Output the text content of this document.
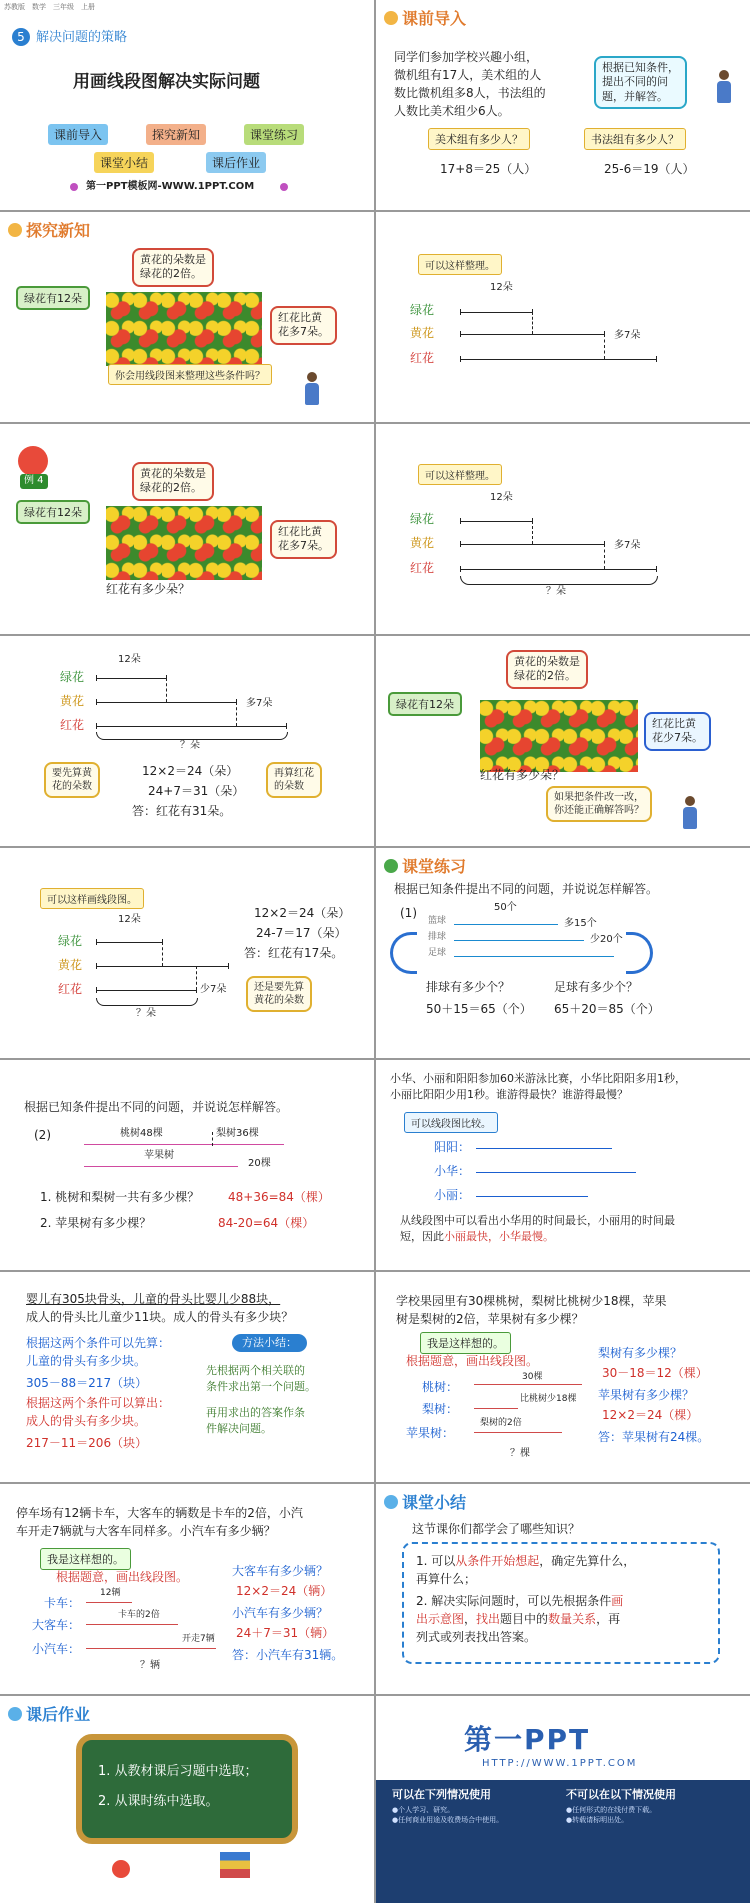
苏教版　数学　三年级　上册
5 解决问题的策略
用画线段图解决实际问题
课前导入	探究新知	课堂练习
课堂小结	课后作业
第一PPT模板网-WWW.1PPT.COM
课前导入
同学们参加学校兴趣小组，
微机组有17人，美术组的人
数比微机组多8人，书法组的
人数比美术组少6人。
根据已知条件，
提出不同的问
题，并解答。
美术组有多少人？	书法组有多少人？
17+8＝25（人）	25-6＝19（人）
探究新知
黄花的朵数是
绿花的2倍。
绿花有12朵
红花比黄
花多7朵。
你会用线段图来整理这些条件吗？
可以这样整理。
绿花
黄花
红花
12朵
多7朵
例 4
黄花的朵数是
绿花的2倍。
绿花有12朵
红花比黄
花多7朵。
红花有多少朵？
可以这样整理。
绿花
黄花
红花
12朵
多7朵
？朵
绿花
黄花
红花
12朵
多7朵
？朵
要先算黄
花的朵数
再算红花
的朵数
12×2＝24（朵）
24+7＝31（朵）
答：红花有31朵。
黄花的朵数是
绿花的2倍。
绿花有12朵
红花比黄
花少7朵。
红花有多少朵？
如果把条件改一改，
你还能正确解答吗？
可以这样画线段图。
绿花
黄花
红花
12朵
少7朵
？朵
12×2＝24（朵）
24-7＝17（朵）
答：红花有17朵。
还是要先算
黄花的朵数
课堂练习
根据已知条件提出不同的问题，并说说怎样解答。
(1)
篮球
排球
足球
50个
多15个
少20个
排球有多少个？	足球有多少个？
50＋15＝65（个） 65＋20＝85（个）
根据已知条件提出不同的问题，并说说怎样解答。
(2)	桃树48棵	梨树36棵
苹果树
20棵
1. 桃树和梨树一共有多少棵？ 48+36=84（棵）
2. 苹果树有多少棵？	84-20=64（棵）
小华、小丽和阳阳参加60米游泳比赛，小华比阳阳多用1秒，
小丽比阳阳少用1秒。谁游得最快？谁游得最慢？
可以线段图比较。
阳阳：
小华：
小丽：
从线段图中可以看出小华用的时间最长，小丽用的时间最
短，因此小丽最快，小华最慢。
婴儿有305块骨头，儿童的骨头比婴儿少88块，
成人的骨头比儿童少11块。成人的骨头有多少块？
根据这两个条件可以先算：
儿童的骨头有多少块。
305－88＝217（块）
根据这两个条件可以算出：
成人的骨头有多少块。
217－11＝206（块）
方法小结：
先根据两个相关联的
条件求出第一个问题。
再用求出的答案作条
件解决问题。
学校果园里有30棵桃树，梨树比桃树少18棵，苹果
树是梨树的2倍，苹果树有多少棵？
我是这样想的。
根据题意，画出线段图。
桃树：
梨树：
苹果树：
30棵
比桃树少18棵
梨树的2倍
？棵
梨树有多少棵？
30－18＝12（棵）
苹果树有多少棵？
12×2＝24（棵）
答：苹果树有24棵。
停车场有12辆卡车，大客车的辆数是卡车的2倍，小汽
车开走7辆就与大客车同样多。小汽车有多少辆？
我是这样想的。
根据题意，画出线段图。
卡车：
大客车：
小汽车：
12辆
卡车的2倍
开走7辆
？辆
大客车有多少辆？
12×2＝24（辆）
小汽车有多少辆？
24＋7＝31（辆）
答：小汽车有31辆。
课堂小结
这节课你们都学会了哪些知识？
1. 可以从条件开始想起，确定先算什么，
再算什么；
2. 解决实际问题时，可以先根据条件画
出示意图，找出题目中的数量关系，再
列式或列表找出答案。
课后作业
1. 从教材课后习题中选取；
2. 从课时练中选取。
第一PPT
HTTP://WWW.1PPT.COM
可以在下列情况使用	不可以在以下情况使用
●个人学习、研究。
●任何商业用途及收费场合中使用。
●任何形式的在线付费下载。
●转载请标明出处。
